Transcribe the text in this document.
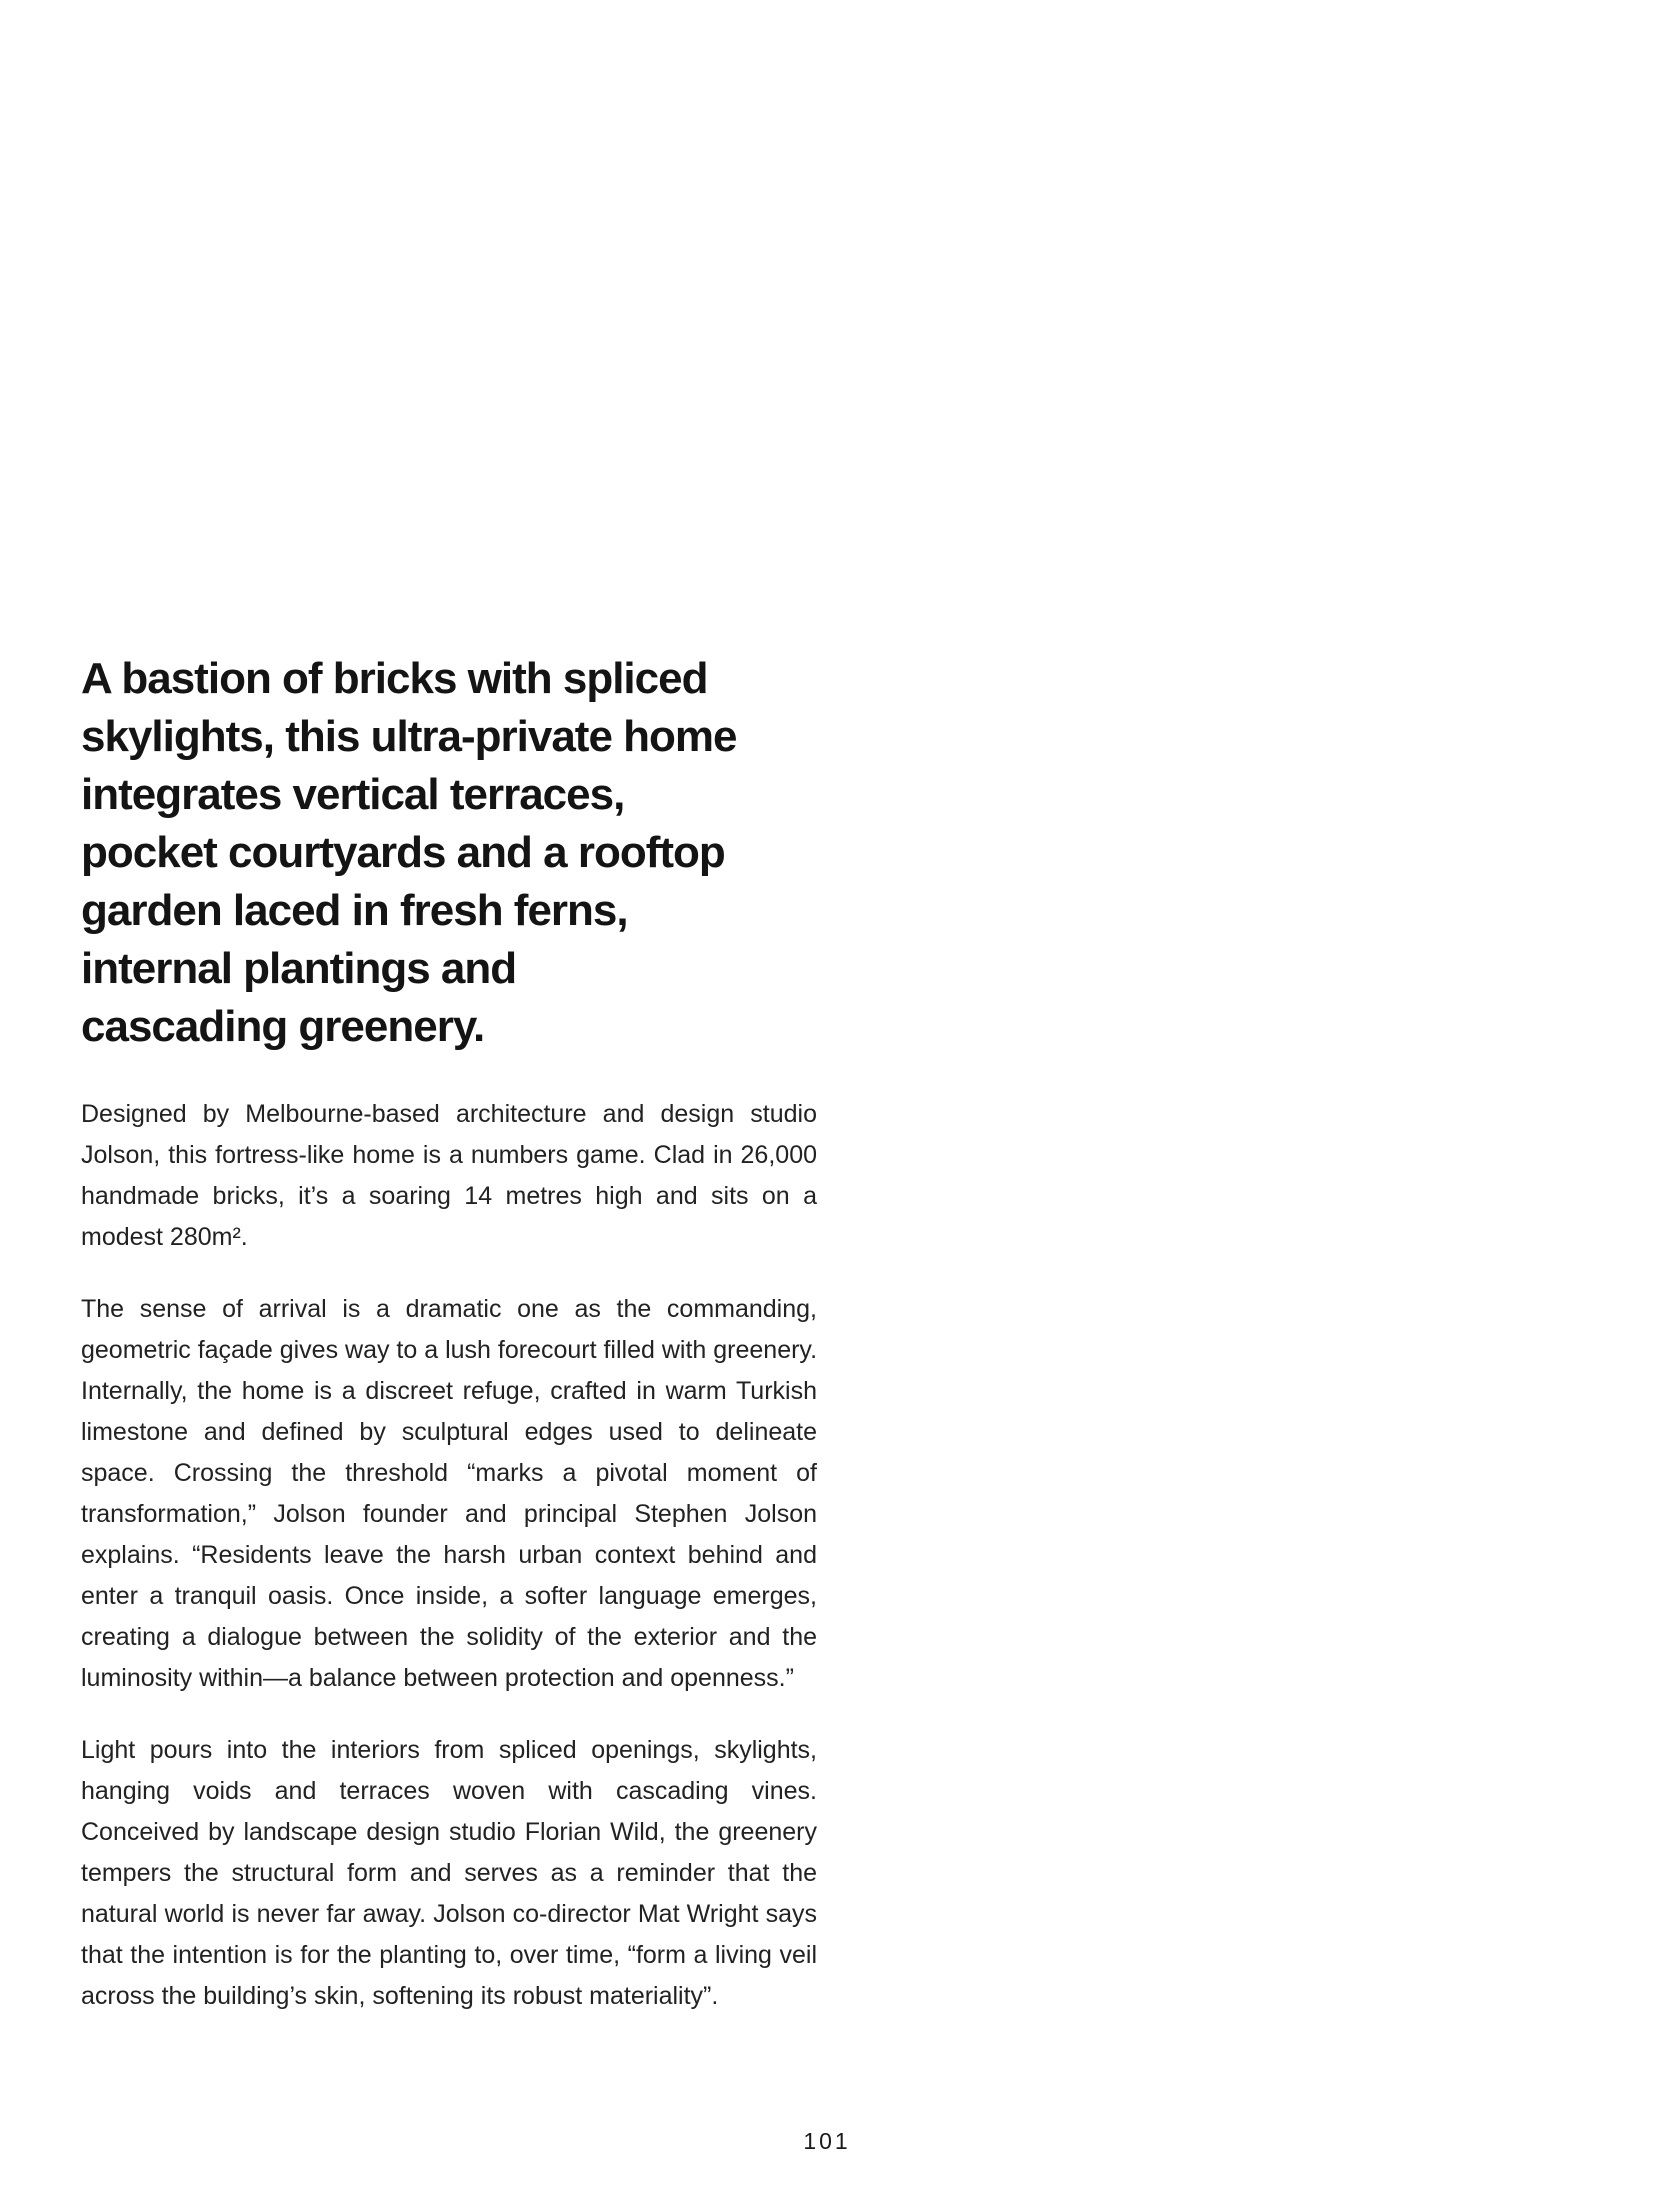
A bastion of bricks with spliced
skylights, this ultra-private home
integrates vertical terraces,
pocket courtyards and a rooftop
garden laced in fresh ferns,
internal plantings and
cascading greenery.

Designed by Melbourne-based architecture and design studio Jolson, this fortress-like home is a numbers game. Clad in 26,000 handmade bricks, it’s a soaring 14 metres high and sits on a modest 280m².

The sense of arrival is a dramatic one as the commanding, geometric façade gives way to a lush forecourt filled with greenery. Internally, the home is a discreet refuge, crafted in warm Turkish limestone and defined by sculptural edges used to delineate space. Crossing the threshold “marks a pivotal moment of transformation,” Jolson founder and principal Stephen Jolson explains. “Residents leave the harsh urban context behind and enter a tranquil oasis. Once inside, a softer language emerges, creating a dialogue between the solidity of the exterior and the luminosity within—a balance between protection and openness.”

Light pours into the interiors from spliced openings, skylights, hanging voids and terraces woven with cascading vines. Conceived by landscape design studio Florian Wild, the greenery tempers the structural form and serves as a reminder that the natural world is never far away. Jolson co-director Mat Wright says that the intention is for the planting to, over time, “form a living veil across the building’s skin, softening its robust materiality”.

101
